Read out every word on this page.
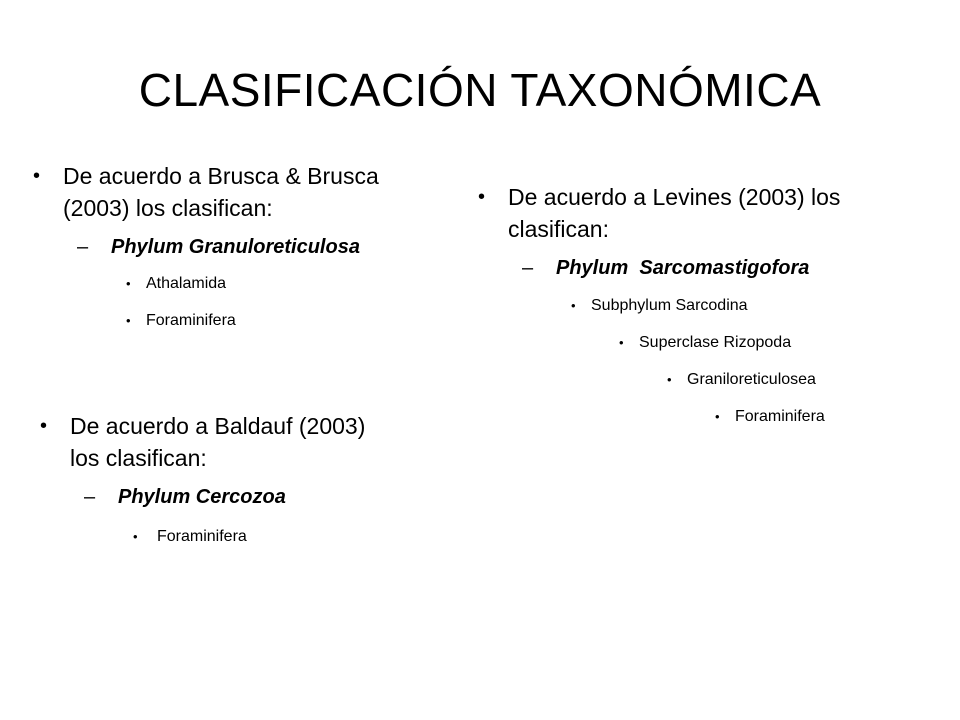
CLASIFICACIÓN TAXONÓMICA
• De acuerdo a Brusca & Brusca
(2003) los clasifican:
– Phylum Granuloreticulosa
• Athalamida
• Foraminifera
• De acuerdo a Baldauf (2003)
los clasifican:
– Phylum Cercozoa
• Foraminifera
• De acuerdo a Levines (2003) los
clasifican:
– Phylum  Sarcomastigofora
• Subphylum Sarcodina
• Superclase Rizopoda
• Graniloreticulosea
• Foraminifera
